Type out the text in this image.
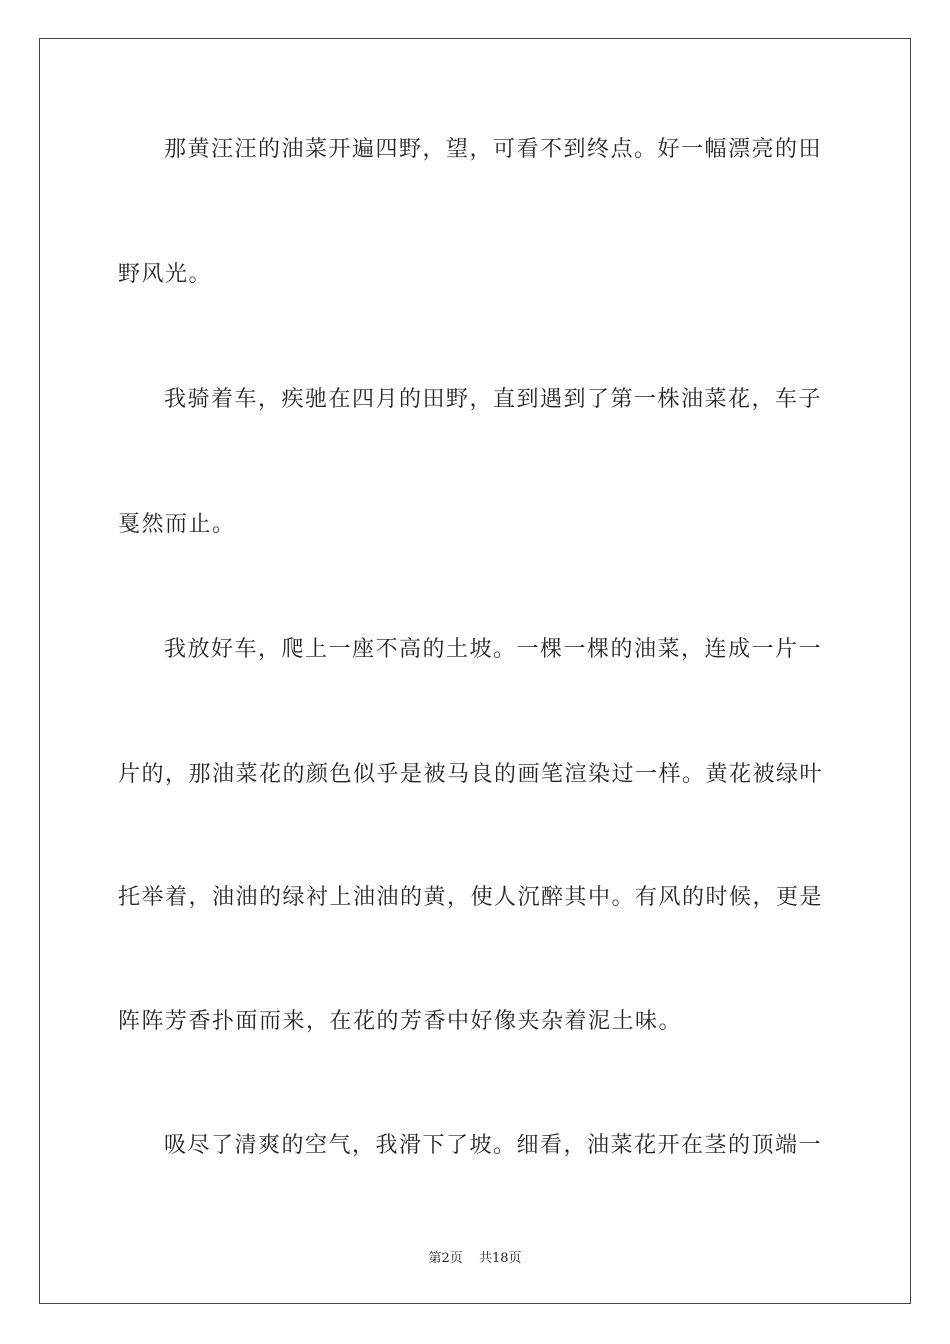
那黄汪汪的油菜开遍四野，望，可看不到终点。好一幅漂亮的田
野风光。
我骑着车，疾驰在四月的田野，直到遇到了第一株油菜花，车子
戛然而止。
我放好车，爬上一座不高的土坡。一棵一棵的油菜，连成一片一
片的，那油菜花的颜色似乎是被马良的画笔渲染过一样。黄花被绿叶
托举着，油油的绿衬上油油的黄，使人沉醉其中。有风的时候，更是
阵阵芳香扑面而来，在花的芳香中好像夹杂着泥土味。
吸尽了清爽的空气，我滑下了坡。细看，油菜花开在茎的顶端一
第2页 共18页
